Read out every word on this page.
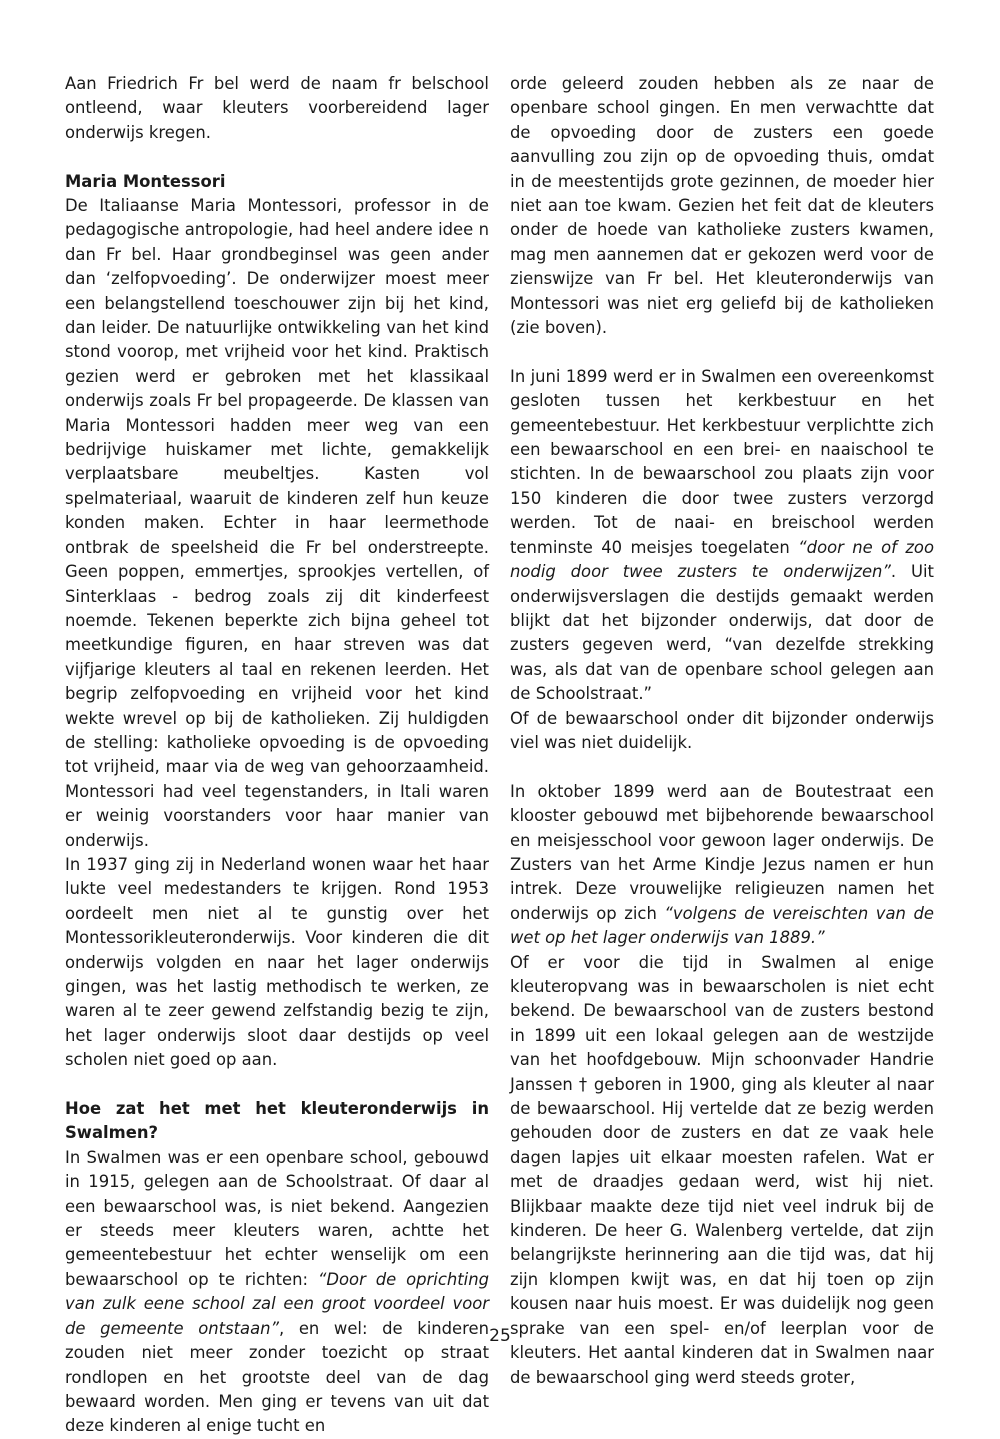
Aan Friedrich Fr bel werd de naam fr belschool ontleend, waar kleuters voorbereidend lager onderwijs kregen.

Maria Montessori

De Italiaanse Maria Montessori, professor in de pedagogische antropologie, had heel andere idee n dan Fr bel. Haar grondbeginsel was geen ander dan ‘zelfopvoeding’. De onderwijzer moest meer een belangstellend toeschouwer zijn bij het kind, dan leider. De natuurlijke ontwikkeling van het kind stond voorop, met vrijheid voor het kind. Praktisch gezien werd er gebroken met het klassikaal onderwijs zoals Fr bel propageerde. De klassen van Maria Montessori hadden meer weg van een bedrijvige huiskamer met lichte, gemakkelijk verplaatsbare meubeltjes. Kasten vol spelmateriaal, waaruit de kinderen zelf hun keuze konden maken. Echter in haar leermethode ontbrak de speelsheid die Fr bel onderstreepte. Geen poppen, emmertjes, sprookjes vertellen, of Sinterklaas - bedrog zoals zij dit kinderfeest noemde. Tekenen beperkte zich bijna geheel tot meetkundige figuren, en haar streven was dat vijfjarige kleuters al taal en rekenen leerden. Het begrip zelfopvoeding en vrijheid voor het kind wekte wrevel op bij de katholieken. Zij huldigden de stelling: katholieke opvoeding is de opvoeding tot vrijheid, maar via de weg van gehoorzaamheid. Montessori had veel tegenstanders, in Itali waren er weinig voorstanders voor haar manier van onderwijs.

In 1937 ging zij in Nederland wonen waar het haar lukte veel medestanders te krijgen. Rond 1953 oordeelt men niet al te gunstig over het Montessorikleuteronderwijs. Voor kinderen die dit onderwijs volgden en naar het lager onderwijs gingen, was het lastig methodisch te werken, ze waren al te zeer gewend zelfstandig bezig te zijn, het lager onderwijs sloot daar destijds op veel scholen niet goed op aan.

Hoe zat het met het kleuteronderwijs in Swalmen?

In Swalmen was er een openbare school, gebouwd in 1915, gelegen aan de Schoolstraat. Of daar al een bewaarschool was, is niet bekend. Aangezien er steeds meer kleuters waren, achtte het gemeentebestuur het echter wenselijk om een bewaarschool op te richten: “Door de oprichting van zulk eene school zal een groot voordeel voor de gemeente ontstaan”, en wel: de kinderen zouden niet meer zonder toezicht op straat rondlopen en het grootste deel van de dag bewaard worden. Men ging er tevens van uit dat deze kinderen al enige tucht en

orde geleerd zouden hebben als ze naar de openbare school gingen. En men verwachtte dat de opvoeding door de zusters een goede aanvulling zou zijn op de opvoeding thuis, omdat in de meestentijds grote gezinnen, de moeder hier niet aan toe kwam. Gezien het feit dat de kleuters onder de hoede van katholieke zusters kwamen, mag men aannemen dat er gekozen werd voor de zienswijze van Fr bel. Het kleuteronderwijs van Montessori was niet erg geliefd bij de katholieken (zie boven).

In juni 1899 werd er in Swalmen een overeenkomst gesloten tussen het kerkbestuur en het gemeentebestuur. Het kerkbestuur verplichtte zich een bewaarschool en een brei- en naaischool te stichten. In de bewaarschool zou plaats zijn voor 150 kinderen die door twee zusters verzorgd werden. Tot de naai- en breischool werden tenminste 40 meisjes toegelaten “door ne of zoo nodig door twee zusters te onderwijzen”. Uit onderwijsverslagen die destijds gemaakt werden blijkt dat het bijzonder onderwijs, dat door de zusters gegeven werd, “van dezelfde strekking was, als dat van de openbare school gelegen aan de Schoolstraat.”

Of de bewaarschool onder dit bijzonder onderwijs viel was niet duidelijk.

In oktober 1899 werd aan de Boutestraat een klooster gebouwd met bijbehorende bewaarschool en meisjesschool voor gewoon lager onderwijs. De Zusters van het Arme Kindje Jezus namen er hun intrek. Deze vrouwelijke religieuzen namen het onderwijs op zich “volgens de vereischten van de wet op het lager onderwijs van 1889.”

Of er voor die tijd in Swalmen al enige kleuteropvang was in bewaarscholen is niet echt bekend. De bewaarschool van de zusters bestond in 1899 uit een lokaal gelegen aan de westzijde van het hoofdgebouw. Mijn schoonvader Handrie Janssen † geboren in 1900, ging als kleuter al naar de bewaarschool. Hij vertelde dat ze bezig werden gehouden door de zusters en dat ze vaak hele dagen lapjes uit elkaar moesten rafelen. Wat er met de draadjes gedaan werd, wist hij niet. Blijkbaar maakte deze tijd niet veel indruk bij de kinderen. De heer G. Walenberg vertelde, dat zijn belangrijkste herinnering aan die tijd was, dat hij zijn klompen kwijt was, en dat hij toen op zijn kousen naar huis moest. Er was duidelijk nog geen sprake van een spel- en/of leerplan voor de kleuters. Het aantal kinderen dat in Swalmen naar de bewaarschool ging werd steeds groter,

25
